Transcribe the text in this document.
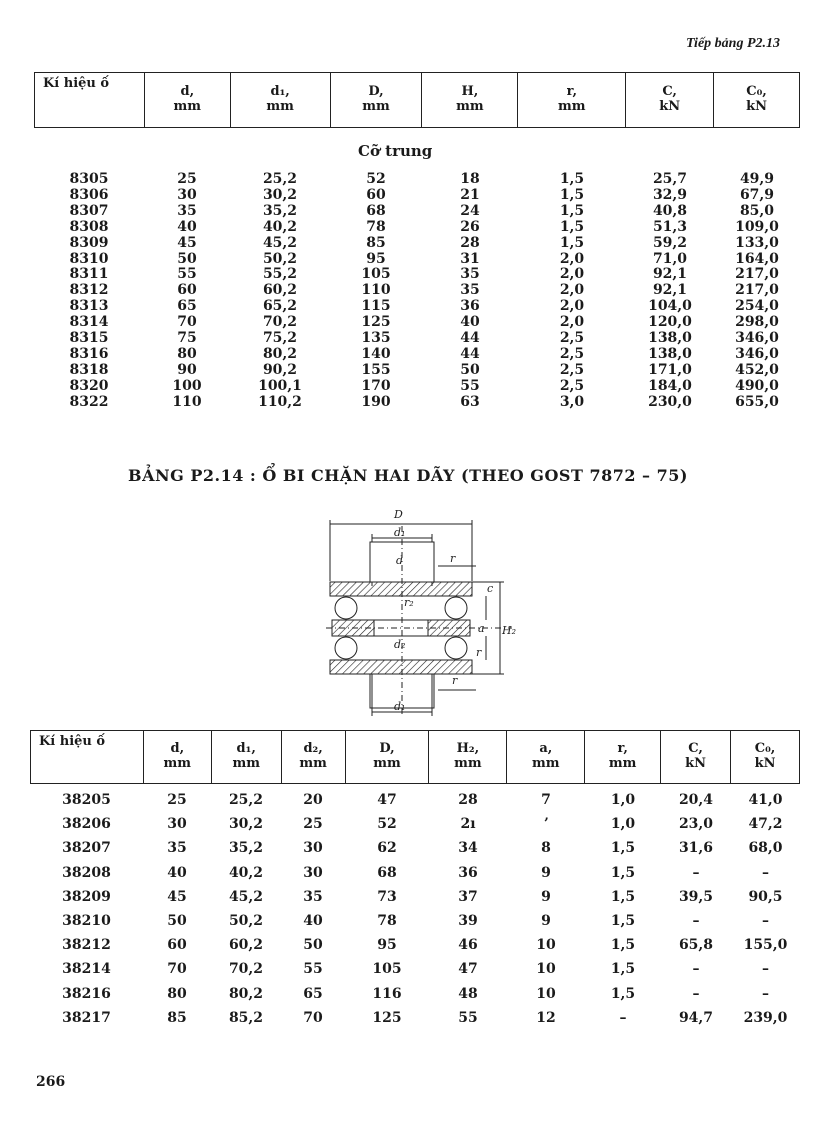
Tiếp bảng P2.13
Kí hiệu ố	d,
mm
	d₁,
mm
	D,
mm
	H,
mm
	r,
mm
	C,
kN
	C₀,
kN
Cỡ trung
8305	25	25,2	52	18	1,5	25,7	49,9
8306	30	30,2	60	21	1,5	32,9	67,9
8307	35	35,2	68	24	1,5	40,8	85,0
8308	40	40,2	78	26	1,5	51,3	109,0
8309	45	45,2	85	28	1,5	59,2	133,0
8310	50	50,2	95	31	2,0	71,0	164,0
8311	55	55,2	105	35	2,0	92,1	217,0
8312	60	60,2	110	35	2,0	92,1	217,0
8313	65	65,2	115	36	2,0	104,0	254,0
8314	70	70,2	125	40	2,0	120,0	298,0
8315	75	75,2	135	44	2,5	138,0	346,0
8316	80	80,2	140	44	2,5	138,0	346,0
8318	90	90,2	155	50	2,5	171,0	452,0
8320	100	100,1	170	55	2,5	184,0	490,0
8322	110	110,2	190	63	3,0	230,0	655,0
BẢNG P2.14 : Ổ BI CHẶN HAI DÃY (THEO GOST 7872 – 75)
D
d₁
d	r
c
H₂
r₂
a
d₂
r
r
d₁
Kí hiệu ố	d,
mm
	d₁,
mm
	d₂,
mm
	D,
mm
	H₂,
mm
	a,
mm
	r,
mm
	C,
kN
	C₀,
kN
38205	25	25,2	20	47	28	7	1,0	20,4	41,0
38206	30	30,2	25	52	2ı	ʼ	1,0	23,0	47,2
38207	35	35,2	30	62	34	8	1,5	31,6	68,0
38208	40	40,2	30	68	36	9	1,5	–	–
38209	45	45,2	35	73	37	9	1,5	39,5	90,5
38210	50	50,2	40	78	39	9	1,5	–	–
38212	60	60,2	50	95	46	10	1,5	65,8	155,0
38214	70	70,2	55	105	47	10	1,5	–	–
38216	80	80,2	65	116	48	10	1,5	–	–
38217	85	85,2	70	125	55	12	–	94,7	239,0
266
